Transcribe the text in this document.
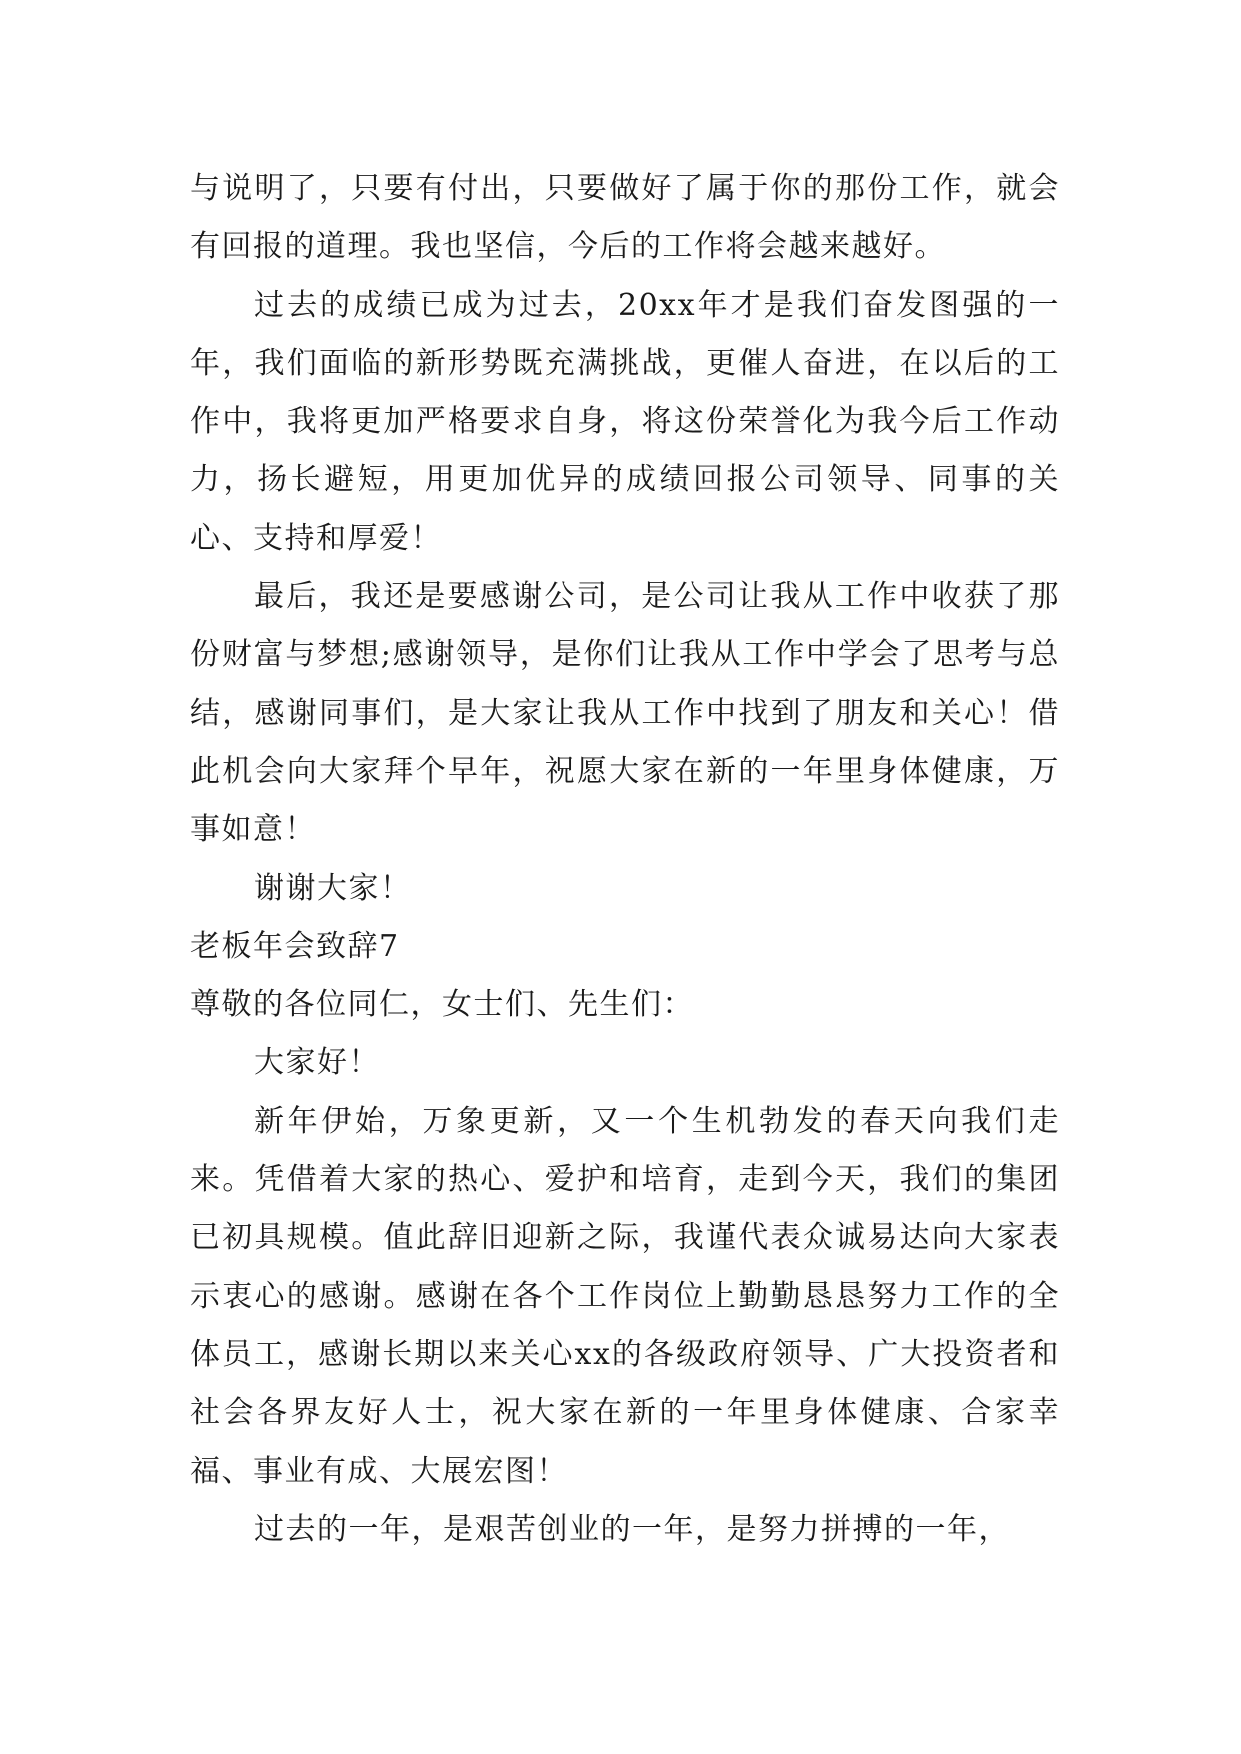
与说明了，只要有付出，只要做好了属于你的那份工作，就会有回报的道理。我也坚信，今后的工作将会越来越好。

过去的成绩已成为过去，20xx年才是我们奋发图强的一年，我们面临的新形势既充满挑战，更催人奋进，在以后的工作中，我将更加严格要求自身，将这份荣誉化为我今后工作动力，扬长避短，用更加优异的成绩回报公司领导、同事的关心、支持和厚爱！

最后，我还是要感谢公司，是公司让我从工作中收获了那份财富与梦想;感谢领导，是你们让我从工作中学会了思考与总结，感谢同事们，是大家让我从工作中找到了朋友和关心！借此机会向大家拜个早年，祝愿大家在新的一年里身体健康，万事如意！

谢谢大家！

老板年会致辞7

尊敬的各位同仁，女士们、先生们：

大家好！

新年伊始，万象更新，又一个生机勃发的春天向我们走来。凭借着大家的热心、爱护和培育，走到今天，我们的集团已初具规模。值此辞旧迎新之际，我谨代表众诚易达向大家表示衷心的感谢。感谢在各个工作岗位上勤勤恳恳努力工作的全体员工，感谢长期以来关心xx的各级政府领导、广大投资者和社会各界友好人士，祝大家在新的一年里身体健康、合家幸福、事业有成、大展宏图！

过去的一年，是艰苦创业的一年，是努力拼搏的一年，
